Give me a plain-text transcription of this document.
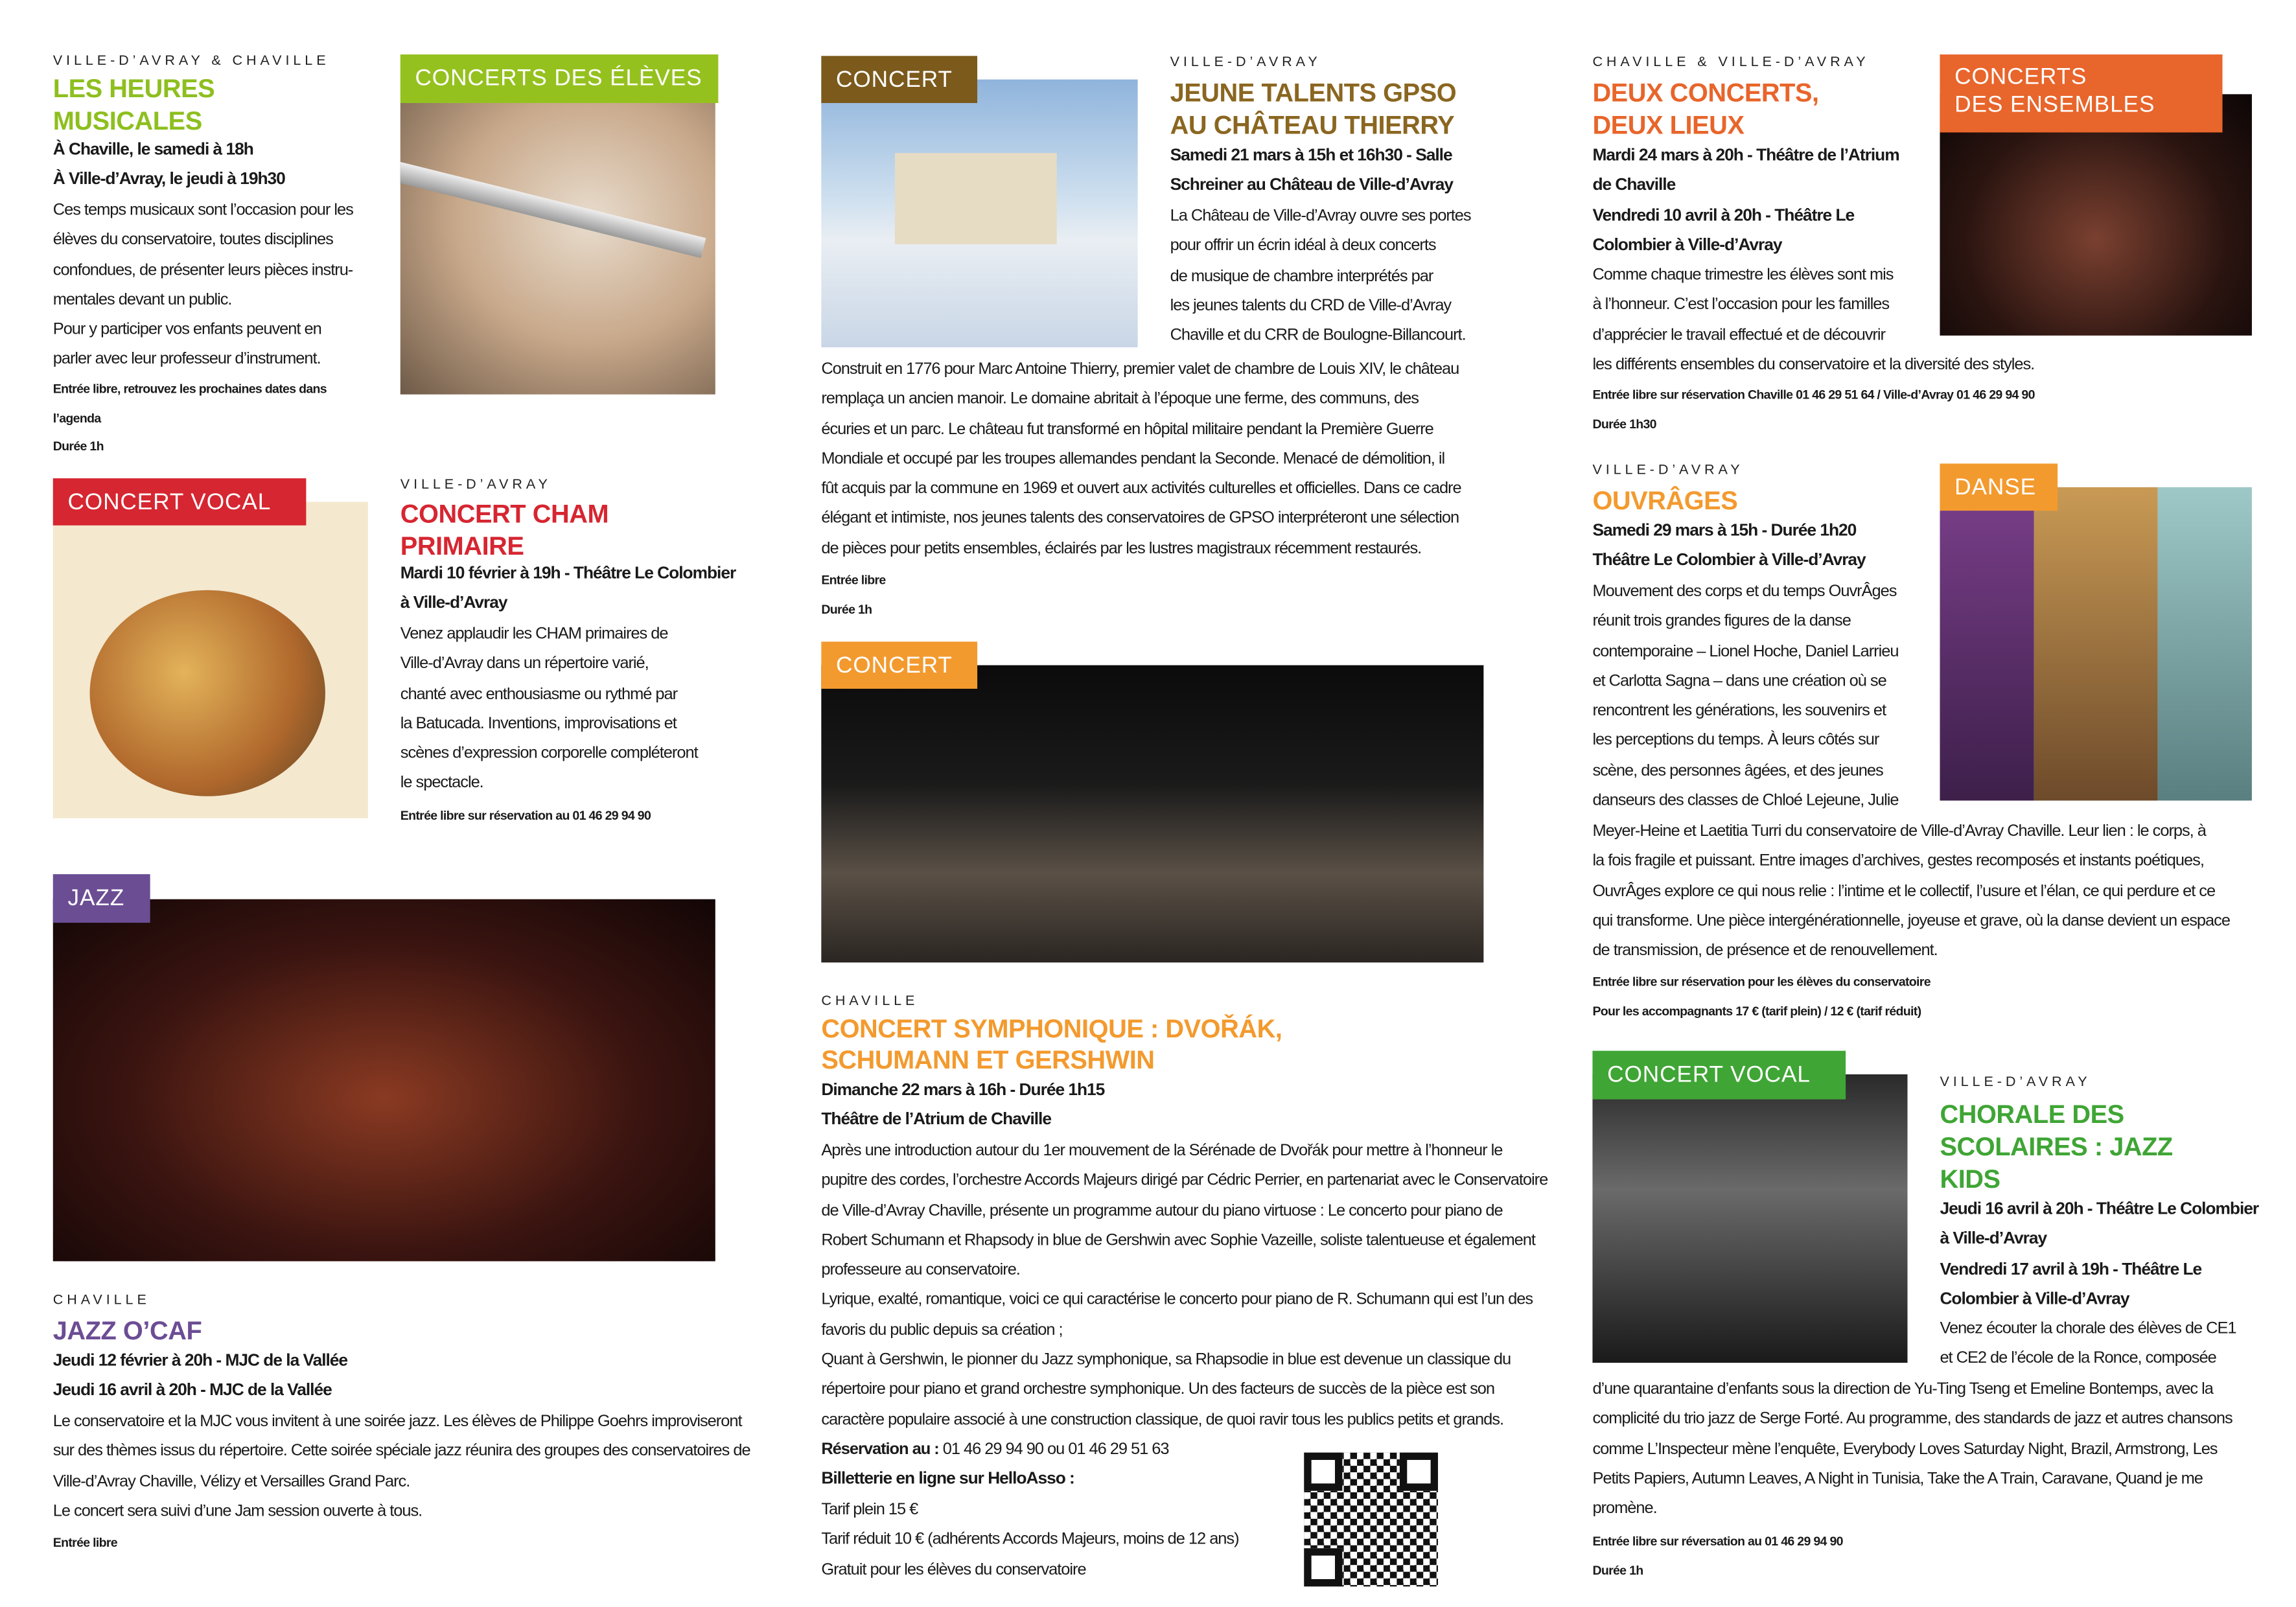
VILLE-D’AVRAY & CHAVILLE
LES HEURES
MUSICALES
À Chaville, le samedi à 18h
À Ville-d’Avray, le jeudi à 19h30
Ces temps musicaux sont l’occasion pour les
élèves du conservatoire, toutes disciplines
confondues, de présenter leurs pièces instru-
mentales devant un public.
Pour y participer vos enfants peuvent en
parler avec leur professeur d’instrument.
Entrée libre, retrouvez les prochaines dates dans
l’agenda
Durée 1h
CONCERTS DES ÉLÈVES
CONCERT VOCAL
VILLE-D’AVRAY
CONCERT CHAM
PRIMAIRE
Mardi 10 février à 19h - Théâtre Le Colombier
à Ville-d’Avray
Venez applaudir les CHAM primaires de
Ville-d’Avray dans un répertoire varié,
chanté avec enthousiasme ou rythmé par
la Batucada. Inventions, improvisations et
scènes d’expression corporelle compléteront
le spectacle.
Entrée libre sur réservation au 01 46 29 94 90
JAZZ
CHAVILLE
JAZZ O’CAF
Jeudi 12 février à 20h - MJC de la Vallée
Jeudi 16 avril à 20h - MJC de la Vallée
Le conservatoire et la MJC vous invitent à une soirée jazz. Les élèves de Philippe Goehrs improviseront
sur des thèmes issus du répertoire. Cette soirée spéciale jazz réunira des groupes des conservatoires de
Ville-d’Avray Chaville, Vélizy et Versailles Grand Parc.
Le concert sera suivi d’une Jam session ouverte à tous.
Entrée libre
CONCERT
VILLE-D’AVRAY
JEUNE TALENTS GPSO
AU CHÂTEAU THIERRY
Samedi 21 mars à 15h et 16h30 - Salle
Schreiner au Château de Ville-d’Avray
La Château de Ville-d’Avray ouvre ses portes
pour offrir un écrin idéal à deux concerts
de musique de chambre interprétés par
les jeunes talents du CRD de Ville-d’Avray
Chaville et du CRR de Boulogne-Billancourt.
Construit en 1776 pour Marc Antoine Thierry, premier valet de chambre de Louis XIV, le château
remplaça un ancien manoir. Le domaine abritait à l’époque une ferme, des communs, des
écuries et un parc. Le château fut transformé en hôpital militaire pendant la Première Guerre
Mondiale et occupé par les troupes allemandes pendant la Seconde. Menacé de démolition, il
fût acquis par la commune en 1969 et ouvert aux activités culturelles et officielles. Dans ce cadre
élégant et intimiste, nos jeunes talents des conservatoires de GPSO interpréteront une sélection
de pièces pour petits ensembles, éclairés par les lustres magistraux récemment restaurés.
Entrée libre
Durée 1h
CONCERT
CHAVILLE
CONCERT SYMPHONIQUE : DVOŘÁK,
SCHUMANN ET GERSHWIN
Dimanche 22 mars à 16h - Durée 1h15
Théâtre de l’Atrium de Chaville
Après une introduction autour du 1er mouvement de la Sérénade de Dvořák pour mettre à l’honneur le
pupitre des cordes, l’orchestre Accords Majeurs dirigé par Cédric Perrier, en partenariat avec le Conservatoire
de Ville-d’Avray Chaville, présente un programme autour du piano virtuose : Le concerto pour piano de
Robert Schumann et Rhapsody in blue de Gershwin avec Sophie Vazeille, soliste talentueuse et également
professeure au conservatoire.
Lyrique, exalté, romantique, voici ce qui caractérise le concerto pour piano de R. Schumann qui est l’un des
favoris du public depuis sa création ;
Quant à Gershwin, le pionner du Jazz symphonique, sa Rhapsodie in blue est devenue un classique du
répertoire pour piano et grand orchestre symphonique. Un des facteurs de succès de la pièce est son
caractère populaire associé à une construction classique, de quoi ravir tous les publics petits et grands.
Réservation au : 01 46 29 94 90 ou 01 46 29 51 63
Billetterie en ligne sur HelloAsso :
Tarif plein 15 €
Tarif réduit 10 € (adhérents Accords Majeurs, moins de 12 ans)
Gratuit pour les élèves du conservatoire
CONCERTS
DES ENSEMBLES
CHAVILLE & VILLE-D’AVRAY
DEUX CONCERTS,
DEUX LIEUX
Mardi 24 mars à 20h - Théâtre de l’Atrium
de Chaville
Vendredi 10 avril à 20h - Théâtre Le
Colombier à Ville-d’Avray
Comme chaque trimestre les élèves sont mis
à l’honneur. C’est l’occasion pour les familles
d’apprécier le travail effectué et de découvrir
les différents ensembles du conservatoire et la diversité des styles.
Entrée libre sur réservation Chaville 01 46 29 51 64 / Ville-d’Avray 01 46 29 94 90
Durée 1h30
DANSE
VILLE-D’AVRAY
OUVRÂGES
Samedi 29 mars à 15h - Durée 1h20
Théâtre Le Colombier à Ville-d’Avray
Mouvement des corps et du temps OuvrÂges
réunit trois grandes figures de la danse
contemporaine – Lionel Hoche, Daniel Larrieu
et Carlotta Sagna – dans une création où se
rencontrent les générations, les souvenirs et
les perceptions du temps. À leurs côtés sur
scène, des personnes âgées, et des jeunes
danseurs des classes de Chloé Lejeune, Julie
Meyer-Heine et Laetitia Turri du conservatoire de Ville-d’Avray Chaville. Leur lien : le corps, à
la fois fragile et puissant. Entre images d’archives, gestes recomposés et instants poétiques,
OuvrÂges explore ce qui nous relie : l’intime et le collectif, l’usure et l’élan, ce qui perdure et ce
qui transforme. Une pièce intergénérationnelle, joyeuse et grave, où la danse devient un espace
de transmission, de présence et de renouvellement.
Entrée libre sur réservation pour les élèves du conservatoire
Pour les accompagnants 17 € (tarif plein) / 12 € (tarif réduit)
CONCERT VOCAL	VILLE-D’AVRAY
CHORALE DES
SCOLAIRES : JAZZ
KIDS
Jeudi 16 avril à 20h - Théâtre Le Colombier
à Ville-d’Avray
Vendredi 17 avril à 19h - Théâtre Le
Colombier à Ville-d’Avray
Venez écouter la chorale des élèves de CE1
et CE2 de l’école de la Ronce, composée
d’une quarantaine d’enfants sous la direction de Yu-Ting Tseng et Emeline Bontemps, avec la
complicité du trio jazz de Serge Forté. Au programme, des standards de jazz et autres chansons
comme L’Inspecteur mène l’enquête, Everybody Loves Saturday Night, Brazil, Armstrong, Les
Petits Papiers, Autumn Leaves, A Night in Tunisia, Take the A Train, Caravane, Quand je me
promène.
Entrée libre sur réversation au 01 46 29 94 90
Durée 1h
